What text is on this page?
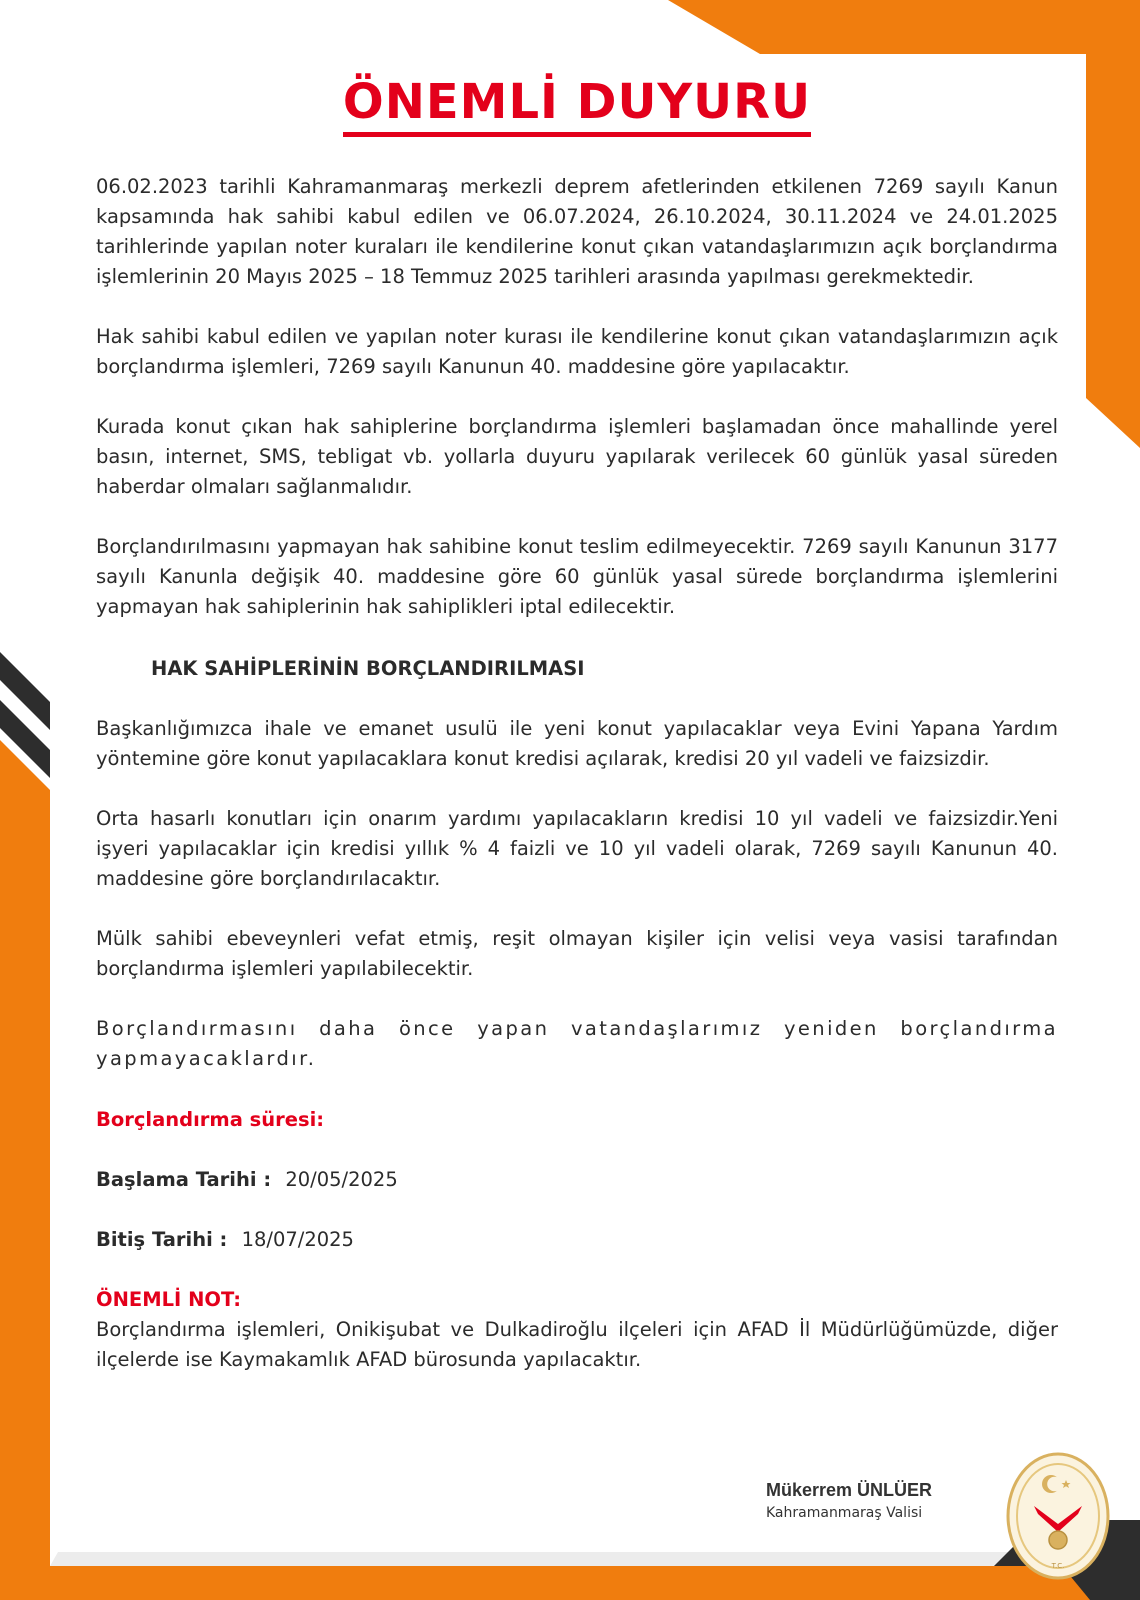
ÖNEMLİ DUYURU

06.02.2023 tarihli Kahramanmaraş merkezli deprem afetlerinden etkilenen 7269 sayılı Kanun kapsamında hak sahibi kabul edilen ve 06.07.2024, 26.10.2024, 30.11.2024 ve 24.01.2025 tarihlerinde yapılan noter kuraları ile kendilerine konut çıkan vatandaşlarımızın açık borçlandırma işlemlerinin 20 Mayıs 2025 – 18 Temmuz 2025 tarihleri arasında yapılması gerekmektedir.

Hak sahibi kabul edilen ve yapılan noter kurası ile kendilerine konut çıkan vatandaşlarımızın açık borçlandırma işlemleri, 7269 sayılı Kanunun 40. maddesine göre yapılacaktır.

Kurada konut çıkan hak sahiplerine borçlandırma işlemleri başlamadan önce mahallinde yerel basın, internet, SMS, tebligat vb. yollarla duyuru yapılarak verilecek 60 günlük yasal süreden haberdar olmaları sağlanmalıdır.

Borçlandırılmasını yapmayan hak sahibine konut teslim edilmeyecektir. 7269 sayılı Kanunun 3177 sayılı Kanunla değişik 40. maddesine göre 60 günlük yasal sürede borçlandırma işlemlerini yapmayan hak sahiplerinin hak sahiplikleri iptal edilecektir.

HAK SAHİPLERİNİN BORÇLANDIRILMASI

Başkanlığımızca ihale ve emanet usulü ile yeni konut yapılacaklar veya Evini Yapana Yardım yöntemine göre konut yapılacaklara konut kredisi açılarak, kredisi 20 yıl vadeli ve faizsizdir.

Orta hasarlı konutları için onarım yardımı yapılacakların kredisi 10 yıl vadeli ve faizsizdir.Yeni işyeri yapılacaklar için kredisi yıllık % 4 faizli ve 10 yıl vadeli olarak, 7269 sayılı Kanunun 40. maddesine göre borçlandırılacaktır.

Mülk sahibi ebeveynleri vefat etmiş, reşit olmayan kişiler için velisi veya vasisi tarafından borçlandırma işlemleri yapılabilecektir.

Borçlandırmasını daha önce yapan vatandaşlarımız yeniden borçlandırma yapmayacaklardır.

Borçlandırma süresi:
Başlama Tarihi : 20/05/2025
Bitiş Tarihi : 18/07/2025
ÖNEMLİ NOT:

Borçlandırma işlemleri, Onikişubat ve Dulkadiroğlu ilçeleri için AFAD İl Müdürlüğümüzde, diğer ilçelerde ise Kaymakamlık AFAD bürosunda yapılacaktır.

Mükerrem ÜNLÜER
Kahramanmaraş Valisi
T.C.
